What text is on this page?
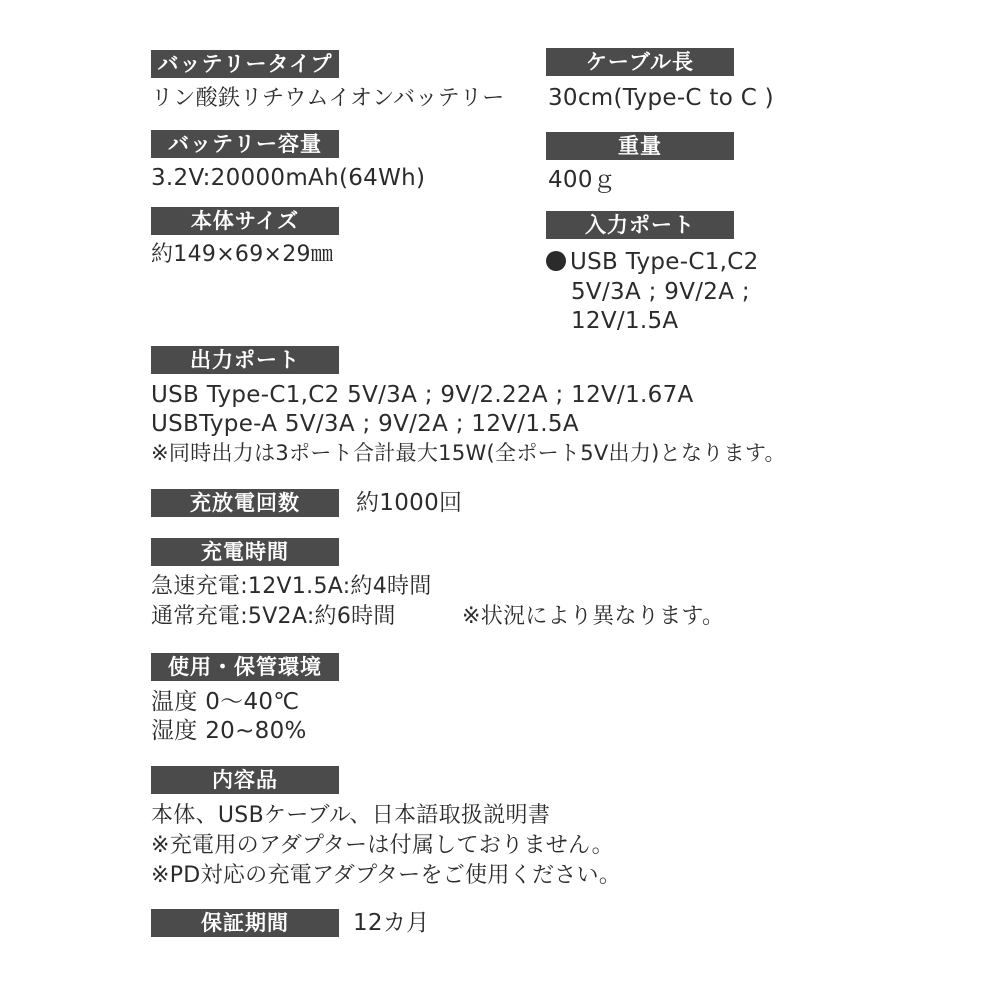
バッテリータイプ
リン酸鉄リチウムイオンバッテリー
バッテリー容量
3.2V:20000mAh(64Wh)
本体サイズ
約149×69×29㎜
ケーブル長
30cm(Type-C to C )
重量
400ｇ
入力ポート
USB Type-C1,C2
5V/3A ; 9V/2A ;
12V/1.5A
出力ポート
USB Type-C1,C2 5V/3A ; 9V/2.22A ; 12V/1.67A
USBType-A 5V/3A ; 9V/2A ; 12V/1.5A
※同時出力は3ポート合計最大15W(全ポート5V出力)となります。
充放電回数	約1000回
充電時間
急速充電:12V1.5A:約4時間
通常充電:5V2A:約6時間	※状況により異なります。
使用・保管環境
温度 0〜40℃
湿度 20~80%
内容品
本体、USBケーブル、日本語取扱説明書
※充電用のアダプターは付属しておりません。
※PD対応の充電アダプターをご使用ください。
保証期間	12カ月
